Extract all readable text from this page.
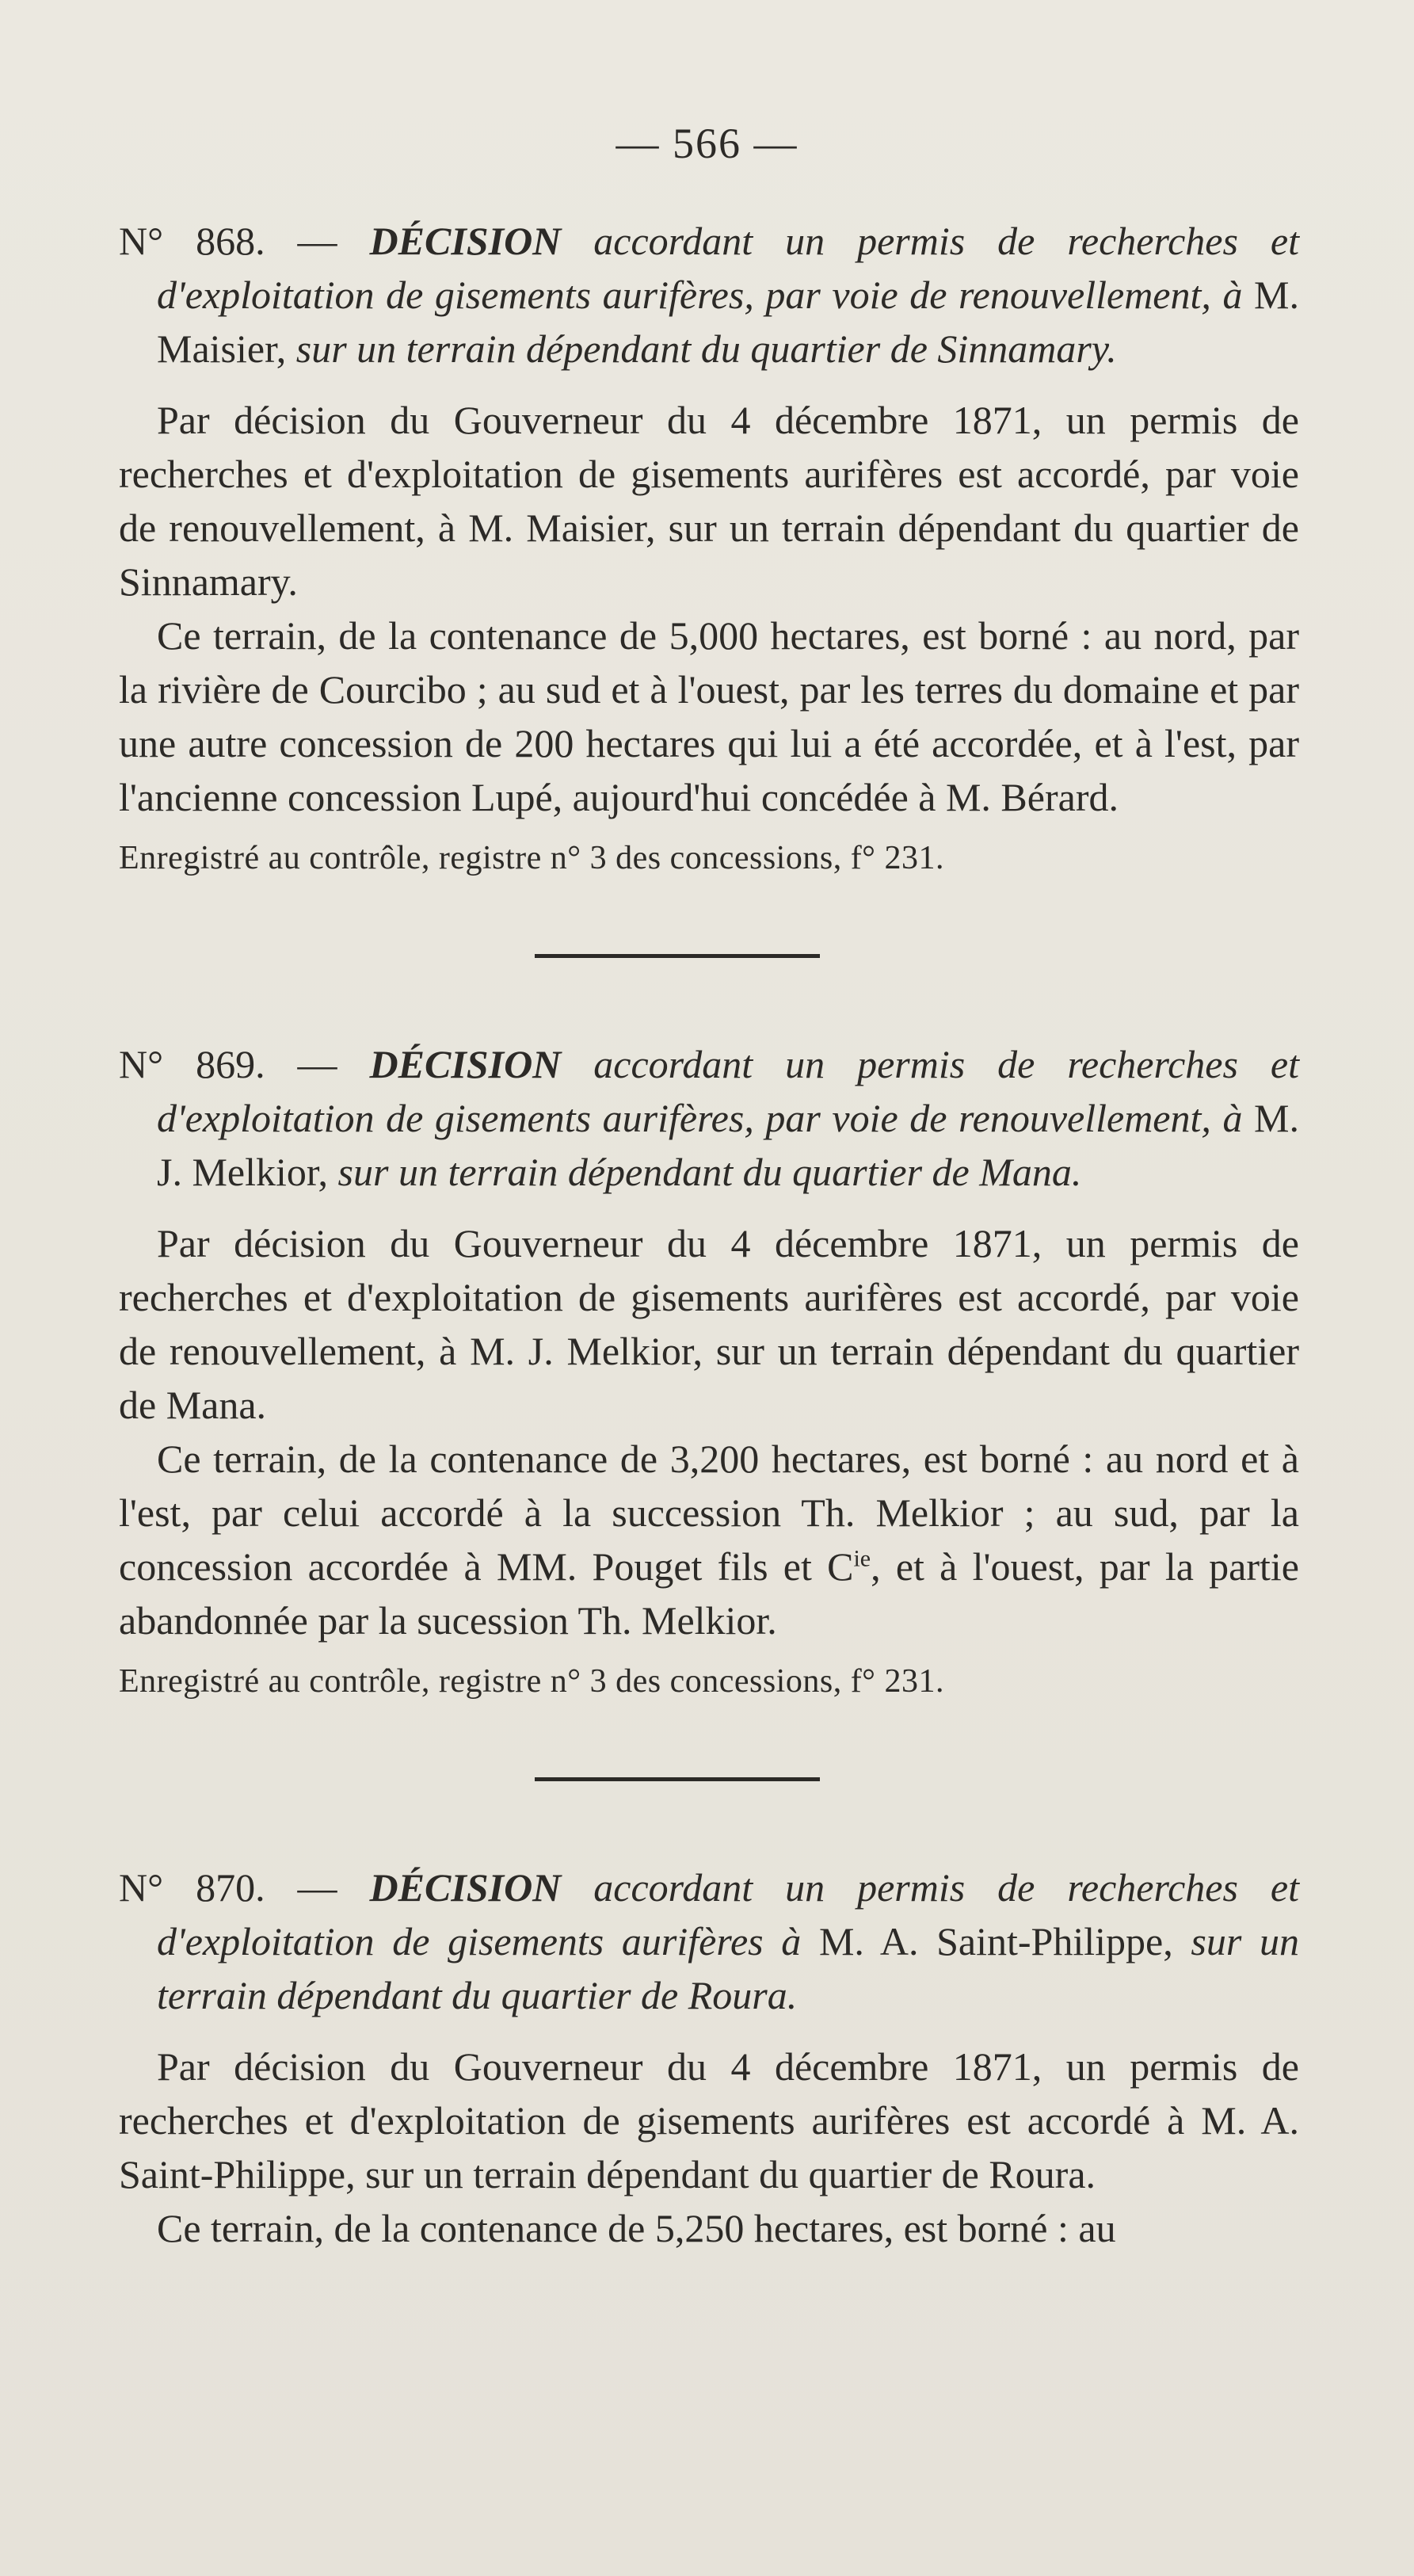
— 566 —

N° 868. — DÉCISION accordant un permis de recherches et d'exploitation de gisements aurifères, par voie de renouvellement, à M. Maisier, sur un terrain dépendant du quartier de Sinnamary.

Par décision du Gouverneur du 4 décembre 1871, un permis de recherches et d'exploitation de gisements aurifères est accordé, par voie de renouvellement, à M. Maisier, sur un terrain dépendant du quartier de Sinnamary.

Ce terrain, de la contenance de 5,000 hectares, est borné : au nord, par la rivière de Courcibo ; au sud et à l'ouest, par les terres du domaine et par une autre concession de 200 hectares qui lui a été accordée, et à l'est, par l'ancienne concession Lupé, aujourd'hui concédée à M. Bérard.

Enregistré au contrôle, registre n° 3 des concessions, f° 231.

N° 869. — DÉCISION accordant un permis de recherches et d'exploitation de gisements aurifères, par voie de renouvellement, à M. J. Melkior, sur un terrain dépendant du quartier de Mana.

Par décision du Gouverneur du 4 décembre 1871, un permis de recherches et d'exploitation de gisements aurifères est accordé, par voie de renouvellement, à M. J. Melkior, sur un terrain dépendant du quartier de Mana.

Ce terrain, de la contenance de 3,200 hectares, est borné : au nord et à l'est, par celui accordé à la succession Th. Melkior ; au sud, par la concession accordée à MM. Pouget fils et $C^{ie}$, et à l'ouest, par la partie abandonnée par la sucession Th. Melkior.

Enregistré au contrôle, registre n° 3 des concessions, f° 231.

N° 870. — DÉCISION accordant un permis de recherches et d'exploitation de gisements aurifères à M. A. Saint-Philippe, sur un terrain dépendant du quartier de Roura.

Par décision du Gouverneur du 4 décembre 1871, un permis de recherches et d'exploitation de gisements aurifères est accordé à M. A. Saint-Philippe, sur un terrain dépendant du quartier de Roura.

Ce terrain, de la contenance de 5,250 hectares, est borné : au
